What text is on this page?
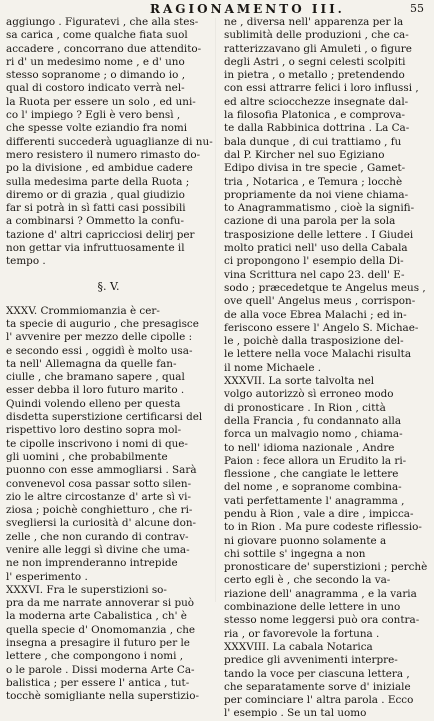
RAGIONAMENTO III.	55
aggiungo . Figuratevi , che alla stes-
sa carica , come qualche fiata suol
accadere , concorrano due attendito-
ri d' un medesimo nome , e d' uno
stesso sopranome ; o dimando io ,
qual di costoro indicato verrà nel-
la Ruota per essere un solo , ed uni-
co l' impiego ? Egli è vero bensì ,
che spesse volte eziandio fra nomi
differenti succederà uguaglianze di nu-
mero resistero il numero rimasto do-
po la divisione , ed ambidue cadere
sulla medesima parte della Ruota ;
diremo or di grazia , qual giudizio
far si potrà in sì fatti casi possibili
a combinarsi ? Ommetto la confu-
tazione d' altri capricciosi delirj per
non gettar via infruttuosamente il
tempo .
§. V.
XXXV. Crommiomanzia è cer-
ta specie di augurio , che presagisce
l' avvenire per mezzo delle cipolle :
e secondo essi , oggidì è molto usa-
ta nell' Allemagna da quelle fan-
ciulle , che bramano sapere , qual
esser debba il loro futuro marito .
Quindi volendo elleno per questa
disdetta superstizione certificarsi del
rispettivo loro destino sopra mol-
te cipolle inscrivono i nomi di que-
gli uomini , che probabilmente
puonno con esse ammogliarsi . Sarà
convenevol cosa passar sotto silen-
zio le altre circostanze d' arte sì vi-
ziosa ; poichè conghietturo , che ri-
svegliersi la curiosità d' alcune don-
zelle , che non curando di contrav-
venire alle leggi sì divine che uma-
ne non imprenderanno intrepide
l' esperimento .
XXXVI. Fra le superstizioni so-
pra da me narrate annoverar si può
la moderna arte Cabalistica , ch' è
quella specie d' Onomomanzia , che
insegna a presagire il futuro per le
lettere , che compongono i nomi ,
o le parole . Dissi moderna Arte Ca-
balistica ; per essere l' antica , tut-
tocchè somigliante nella superstizio-
ne , diversa nell' apparenza per la
sublimità delle produzioni , che ca-
ratterizzavano gli Amuleti , o figure
degli Astri , o segni celesti scolpiti
in pietra , o metallo ; pretendendo
con essi attrarre felici i loro influssi ,
ed altre sciocchezze insegnate dal-
la filosofia Platonica , e comprova-
te dalla Rabbinica dottrina . La Ca-
bala dunque , di cui trattiamo , fu
dal P. Kircher nel suo Egiziano
Edipo divisa in tre specie , Gamet-
tria , Notarica , e Temura ; locchè
propriamente da noi viene chiama-
to Anagrammatismo , cioè la signifi-
cazione di una parola per la sola
trasposizione delle lettere . I Giudei
molto pratici nell' uso della Cabala
ci propongono l' esempio della Di-
vina Scrittura nel capo 23. dell' E-
sodo ; præcedetque te Angelus meus ,
ove quell' Angelus meus , corrispon-
de alla voce Ebrea Malachi ; ed in-
feriscono essere l' Angelo S. Michae-
le , poichè dalla trasposizione del-
le lettere nella voce Malachi risulta
il nome Michaele .
XXXVII. La sorte talvolta nel
volgo autorizzò sì erroneo modo
di pronosticare . In Rion , città
della Francia , fu condannato alla
forca un malvagio nomo , chiama-
to nell' idioma nazionale , Andre
Paion : fece allora un Erudito la ri-
flessione , che cangiate le lettere
del nome , e sopranome combina-
vati perfettamente l' anagramma ,
pendu à Rion , vale a dire , impicca-
to in Rion . Ma pure codeste riflessio-
ni giovare puonno solamente a
chi sottile s' ingegna a non
pronosticare de' superstizioni ; perchè
certo egli è , che secondo la va-
riazione dell' anagramma , e la varia
combinazione delle lettere in uno
stesso nome leggersi può ora contra-
ria , or favorevole la fortuna .
XXXVIII. La cabala Notarica
predice gli avvenimenti interpre-
tando la voce per ciascuna lettera ,
che separatamente sorve d' iniziale
per cominciare l' altra parola . Ecco
l' esempio . Se un tal uomo
